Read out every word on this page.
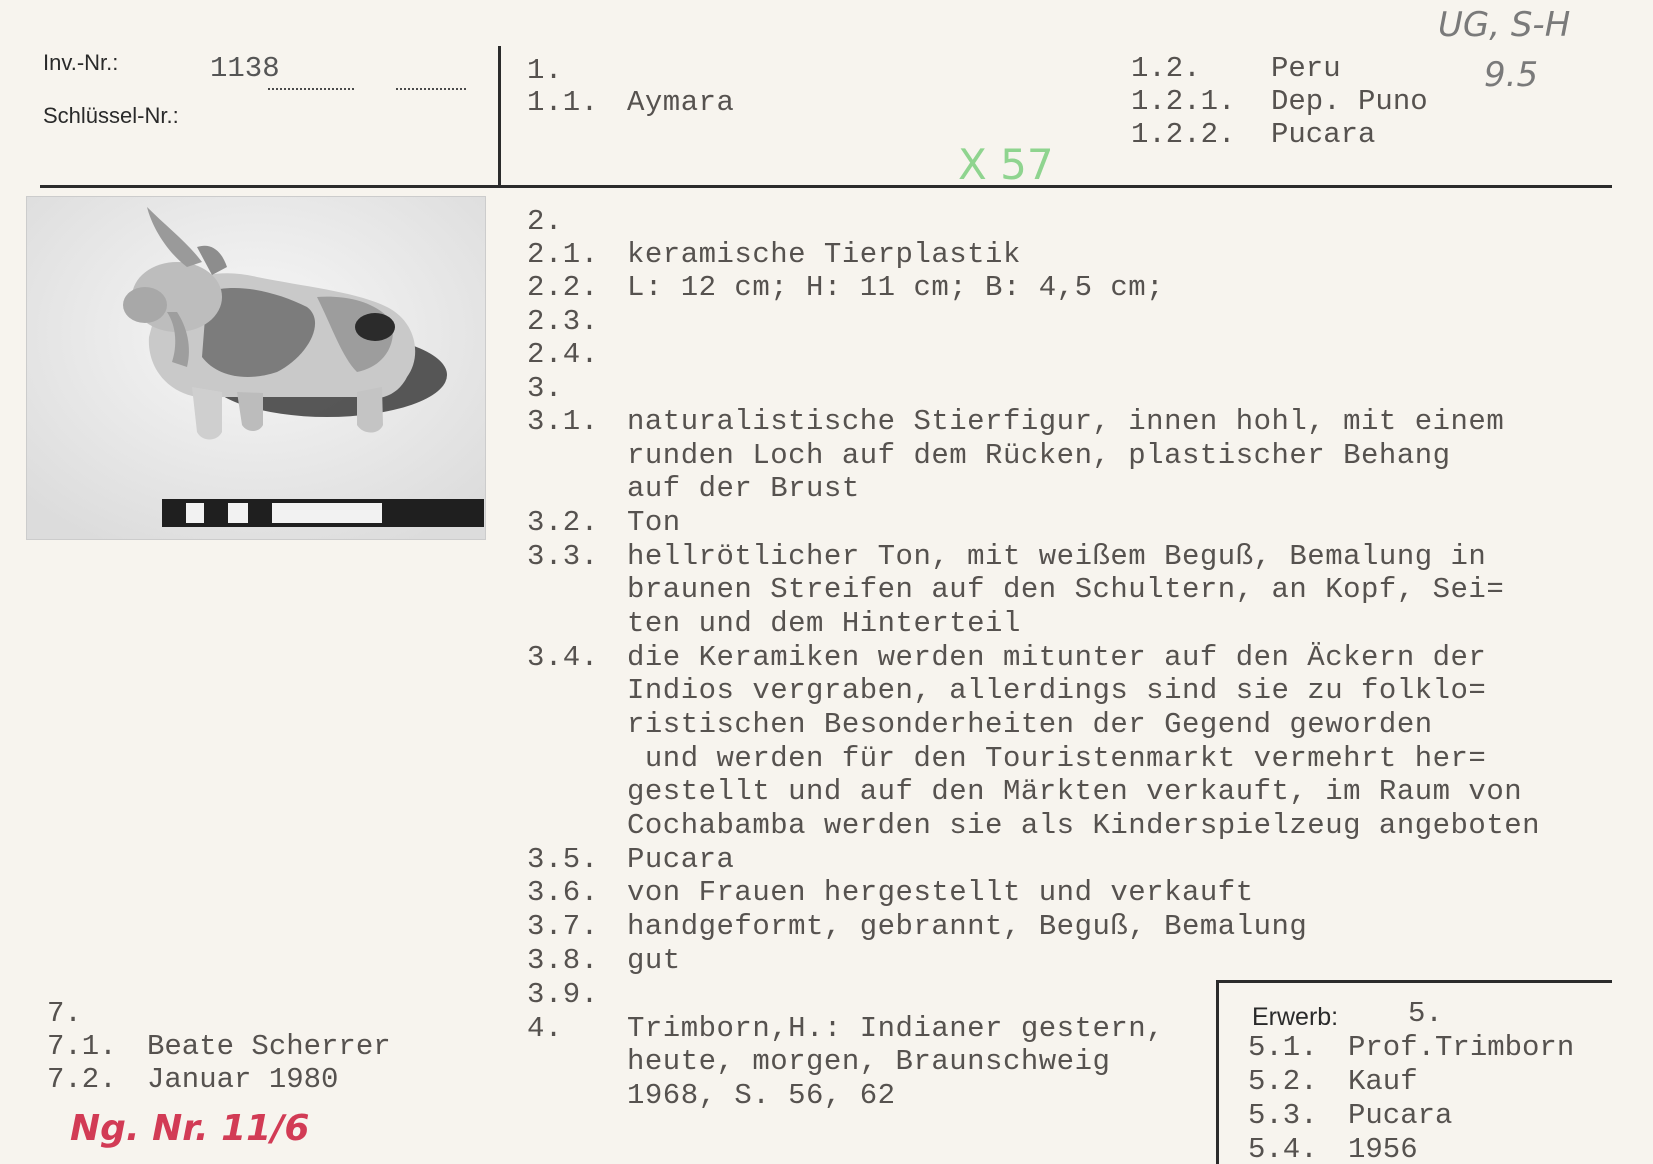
Inv.-Nr.:	1138
Schlüssel-Nr.:
1.
1.1. Aymara
1.2. Peru
1.2.1. Dep. Puno
1.2.2. Pucara
UG, S-H
9.5
X 57
Ng. Nr. 11/6
2.
2.1. keramische Tierplastik
2.2. L: 12 cm; H: 11 cm; B: 4,5 cm;
2.3.
2.4.
3.
3.1. naturalistische Stierfigur, innen hohl, mit einem
runden Loch auf dem Rücken, plastischer Behang
auf der Brust
3.2. Ton
3.3. hellrötlicher Ton, mit weißem Beguß, Bemalung in
braunen Streifen auf den Schultern, an Kopf, Sei=
ten und dem Hinterteil
3.4. die Keramiken werden mitunter auf den Äckern der
Indios vergraben, allerdings sind sie zu folklo=
ristischen Besonderheiten der Gegend geworden
und werden für den Touristenmarkt vermehrt her=
gestellt und auf den Märkten verkauft, im Raum von
Cochabamba werden sie als Kinderspielzeug angeboten
3.5. Pucara
3.6. von Frauen hergestellt und verkauft
3.7. handgeformt, gebrannt, Beguß, Bemalung
3.8. gut
3.9.
4. Trimborn,H.: Indianer gestern,
heute, morgen, Braunschweig
1968, S. 56, 62
Erwerb: 5.
5.1. Prof.Trimborn
5.2. Kauf
5.3. Pucara
5.4. 1956
7.
7.1. Beate Scherrer
7.2. Januar 1980
